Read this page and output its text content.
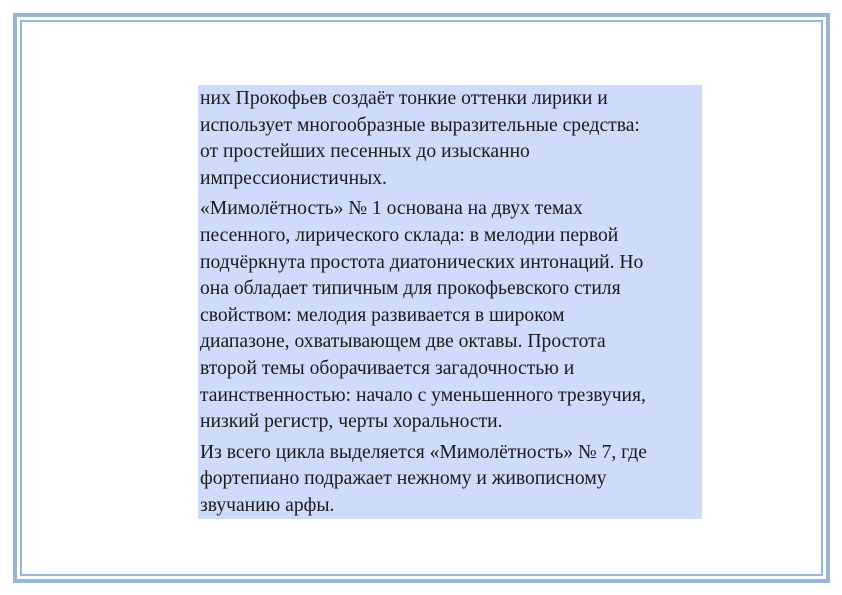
них Прокофьев создаёт тонкие оттенки лирики и
использует многообразные выразительные средства:
от простейших песенных до изысканно
импрессионистичных.

«Мимолётность» № 1 основана на двух темах
песенного, лирического склада: в мелодии первой
подчёркнута простота диатонических интонаций. Но
она обладает типичным для прокофьевского стиля
свойством: мелодия развивается в широком
диапазоне, охватывающем две октавы. Простота
второй темы оборачивается загадочностью и
таинственностью: начало с уменьшенного трезвучия,
низкий регистр, черты хоральности.

Из всего цикла выделяется «Мимолётность» № 7, где
фортепиано подражает нежному и живописному
звучанию арфы.
